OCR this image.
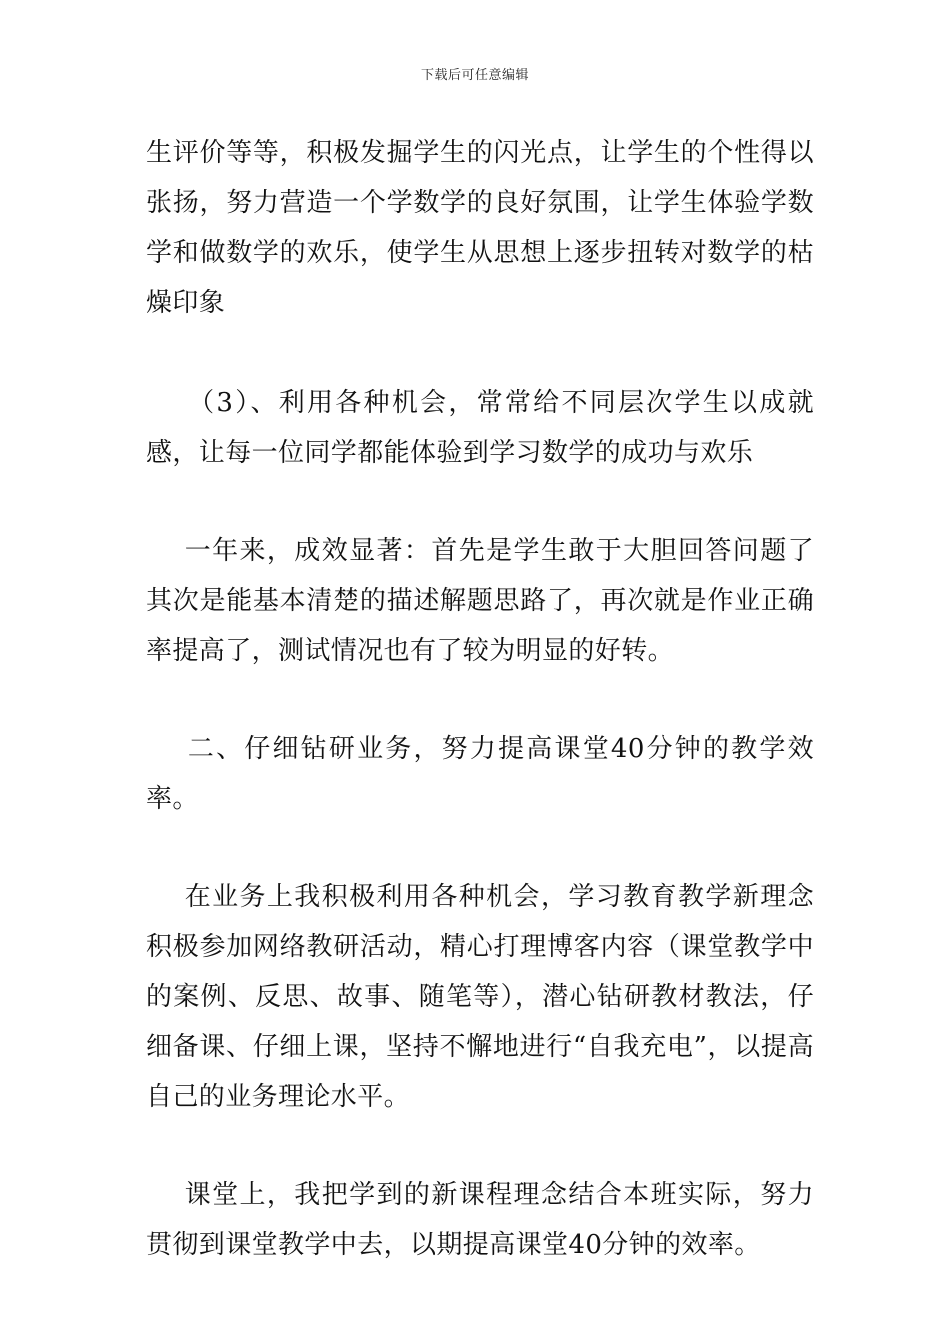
下载后可任意编辑

生评价等等，积极发掘学生的闪光点，让学生的个性得以张扬，努力营造一个学数学的良好氛围，让学生体验学数学和做数学的欢乐，使学生从思想上逐步扭转对数学的枯燥印象

（3）、利用各种机会，常常给不同层次学生以成就感，让每一位同学都能体验到学习数学的成功与欢乐

一年来，成效显著：首先是学生敢于大胆回答问题了其次是能基本清楚的描述解题思路了，再次就是作业正确率提高了，测试情况也有了较为明显的好转。

二、仔细钻研业务，努力提高课堂40分钟的教学效率。

在业务上我积极利用各种机会，学习教育教学新理念积极参加网络教研活动，精心打理博客内容（课堂教学中的案例、反思、故事、随笔等），潜心钻研教材教法，仔细备课、仔细上课，坚持不懈地进行“自我充电”，以提高自己的业务理论水平。

课堂上，我把学到的新课程理念结合本班实际，努力贯彻到课堂教学中去，以期提高课堂40分钟的效率。
